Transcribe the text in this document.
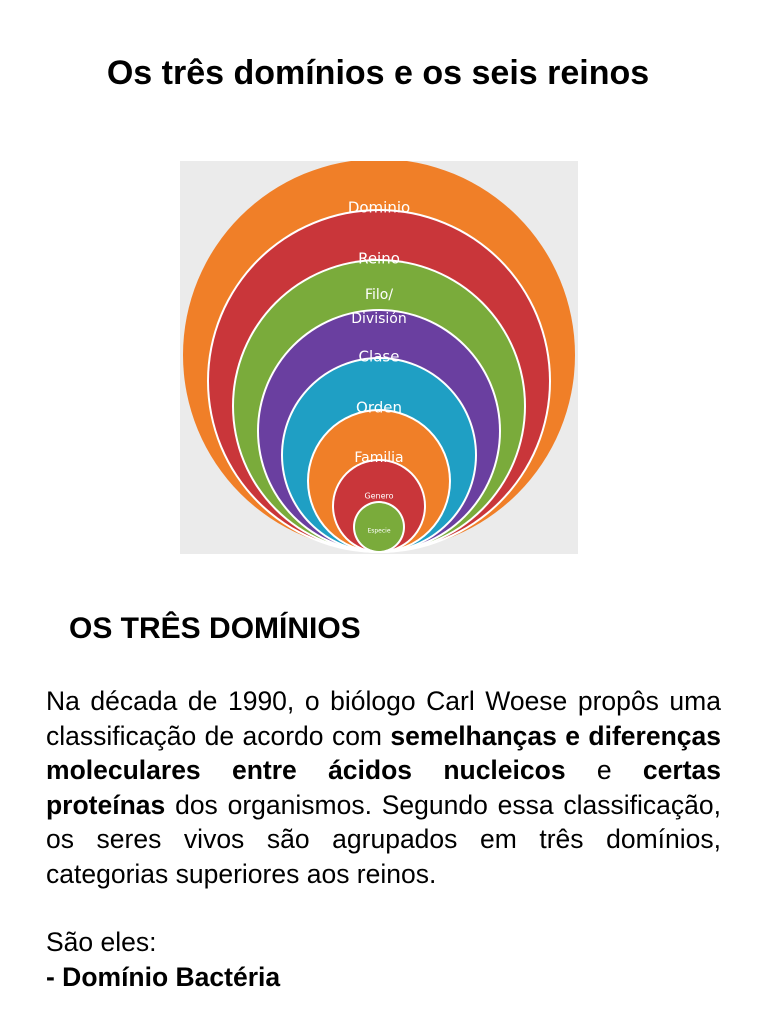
Os três domínios e os seis reinos
Dominio
Reino
Filo/
División
Clase
Orden
Familia
Genero
Especie
OS TRÊS DOMÍNIOS

Na década de 1990, o biólogo Carl Woese propôs uma classificação de acordo com semelhanças e diferenças moleculares entre ácidos nucleicos e certas proteínas dos organismos. Segundo essa classificação, os seres vivos são agrupados em três domínios, categorias superiores aos reinos.

São eles:

- Domínio Bactéria
